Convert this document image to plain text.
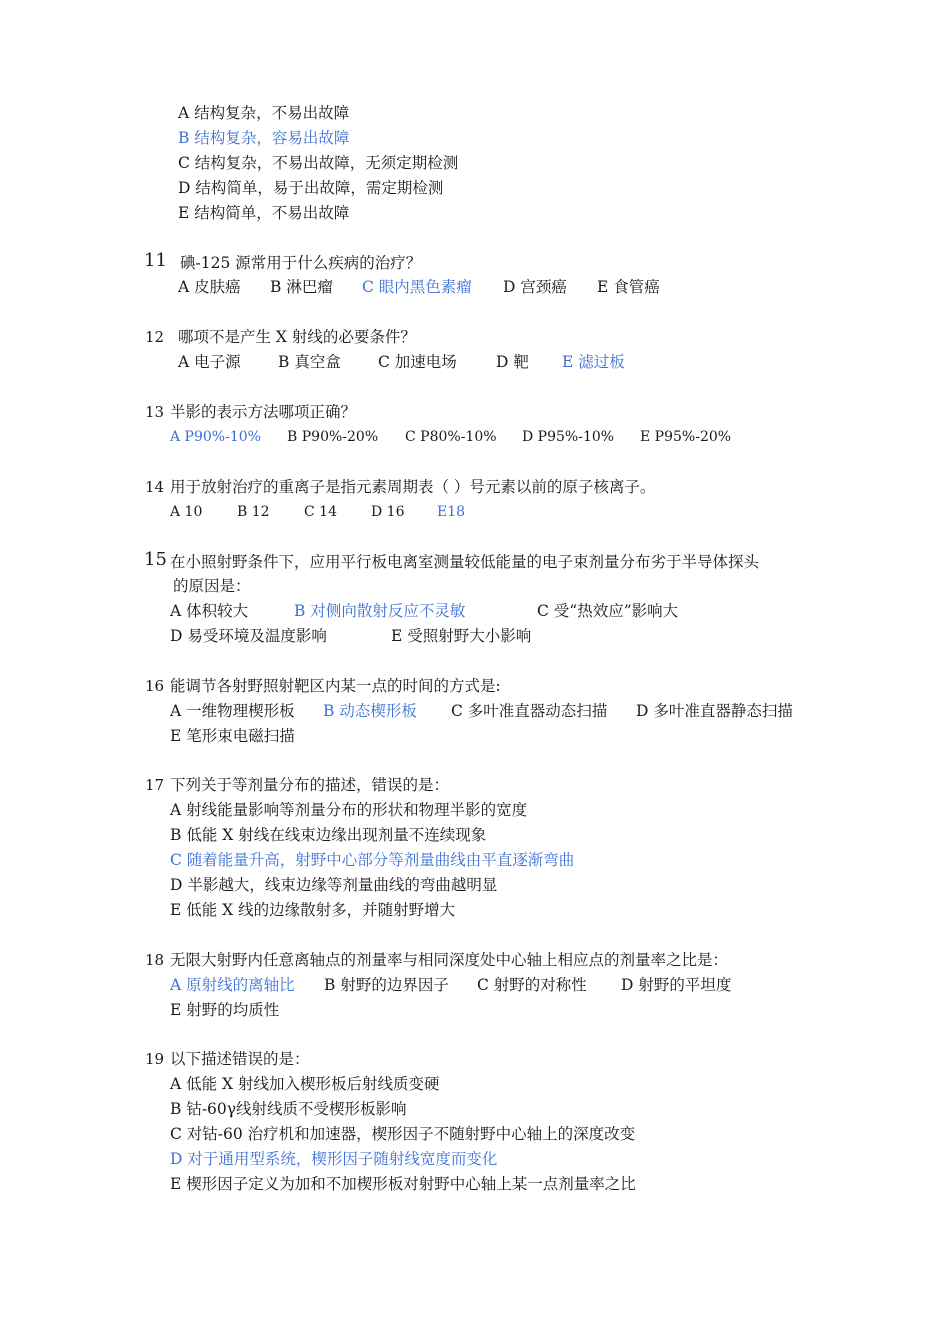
A 结构复杂，不易出故障
B 结构复杂，容易出故障
C 结构复杂，不易出故障，无须定期检测
D 结构简单，易于出故障，需定期检测
E 结构简单，不易出故障
11 碘-125 源常用于什么疾病的治疗？
A 皮肤癌 B 淋巴瘤 C 眼内黑色素瘤 D 宫颈癌 E 食管癌
12 哪项不是产生 X 射线的必要条件？
A 电子源 B 真空盒 C 加速电场	D 靶 E 滤过板
13 半影的表示方法哪项正确？
A P90%-10% B P90%-20% C P80%-10% D P95%-10% E P95%-20%
14 用于放射治疗的重离子是指元素周期表（ ）号元素以前的原子核离子。
A 10 B 12 C 14 D 16 E18
15 在小照射野条件下，应用平行板电离室测量较低能量的电子束剂量分布劣于半导体探头
的原因是：
A 体积较大	B 对侧向散射反应不灵敏	C 受“热效应”影响大
D 易受环境及温度影响	E 受照射野大小影响
16 能调节各射野照射靶区内某一点的时间的方式是:
A 一维物理楔形板 B 动态楔形板 C 多叶准直器动态扫描 D 多叶准直器静态扫描
E 笔形束电磁扫描
17 下列关于等剂量分布的描述，错误的是：
A 射线能量影响等剂量分布的形状和物理半影的宽度
B 低能 X 射线在线束边缘出现剂量不连续现象
C 随着能量升高，射野中心部分等剂量曲线由平直逐渐弯曲
D 半影越大，线束边缘等剂量曲线的弯曲越明显
E 低能 X 线的边缘散射多，并随射野增大
18 无限大射野内任意离轴点的剂量率与相同深度处中心轴上相应点的剂量率之比是：
A 原射线的离轴比 B 射野的边界因子 C 射野的对称性 D 射野的平坦度
E 射野的均质性
19 以下描述错误的是：
A 低能 X 射线加入楔形板后射线质变硬
B 钴-60γ线射线质不受楔形板影响
C 对钴-60 治疗机和加速器，楔形因子不随射野中心轴上的深度改变
D 对于通用型系统，楔形因子随射线宽度而变化
E 楔形因子定义为加和不加楔形板对射野中心轴上某一点剂量率之比
